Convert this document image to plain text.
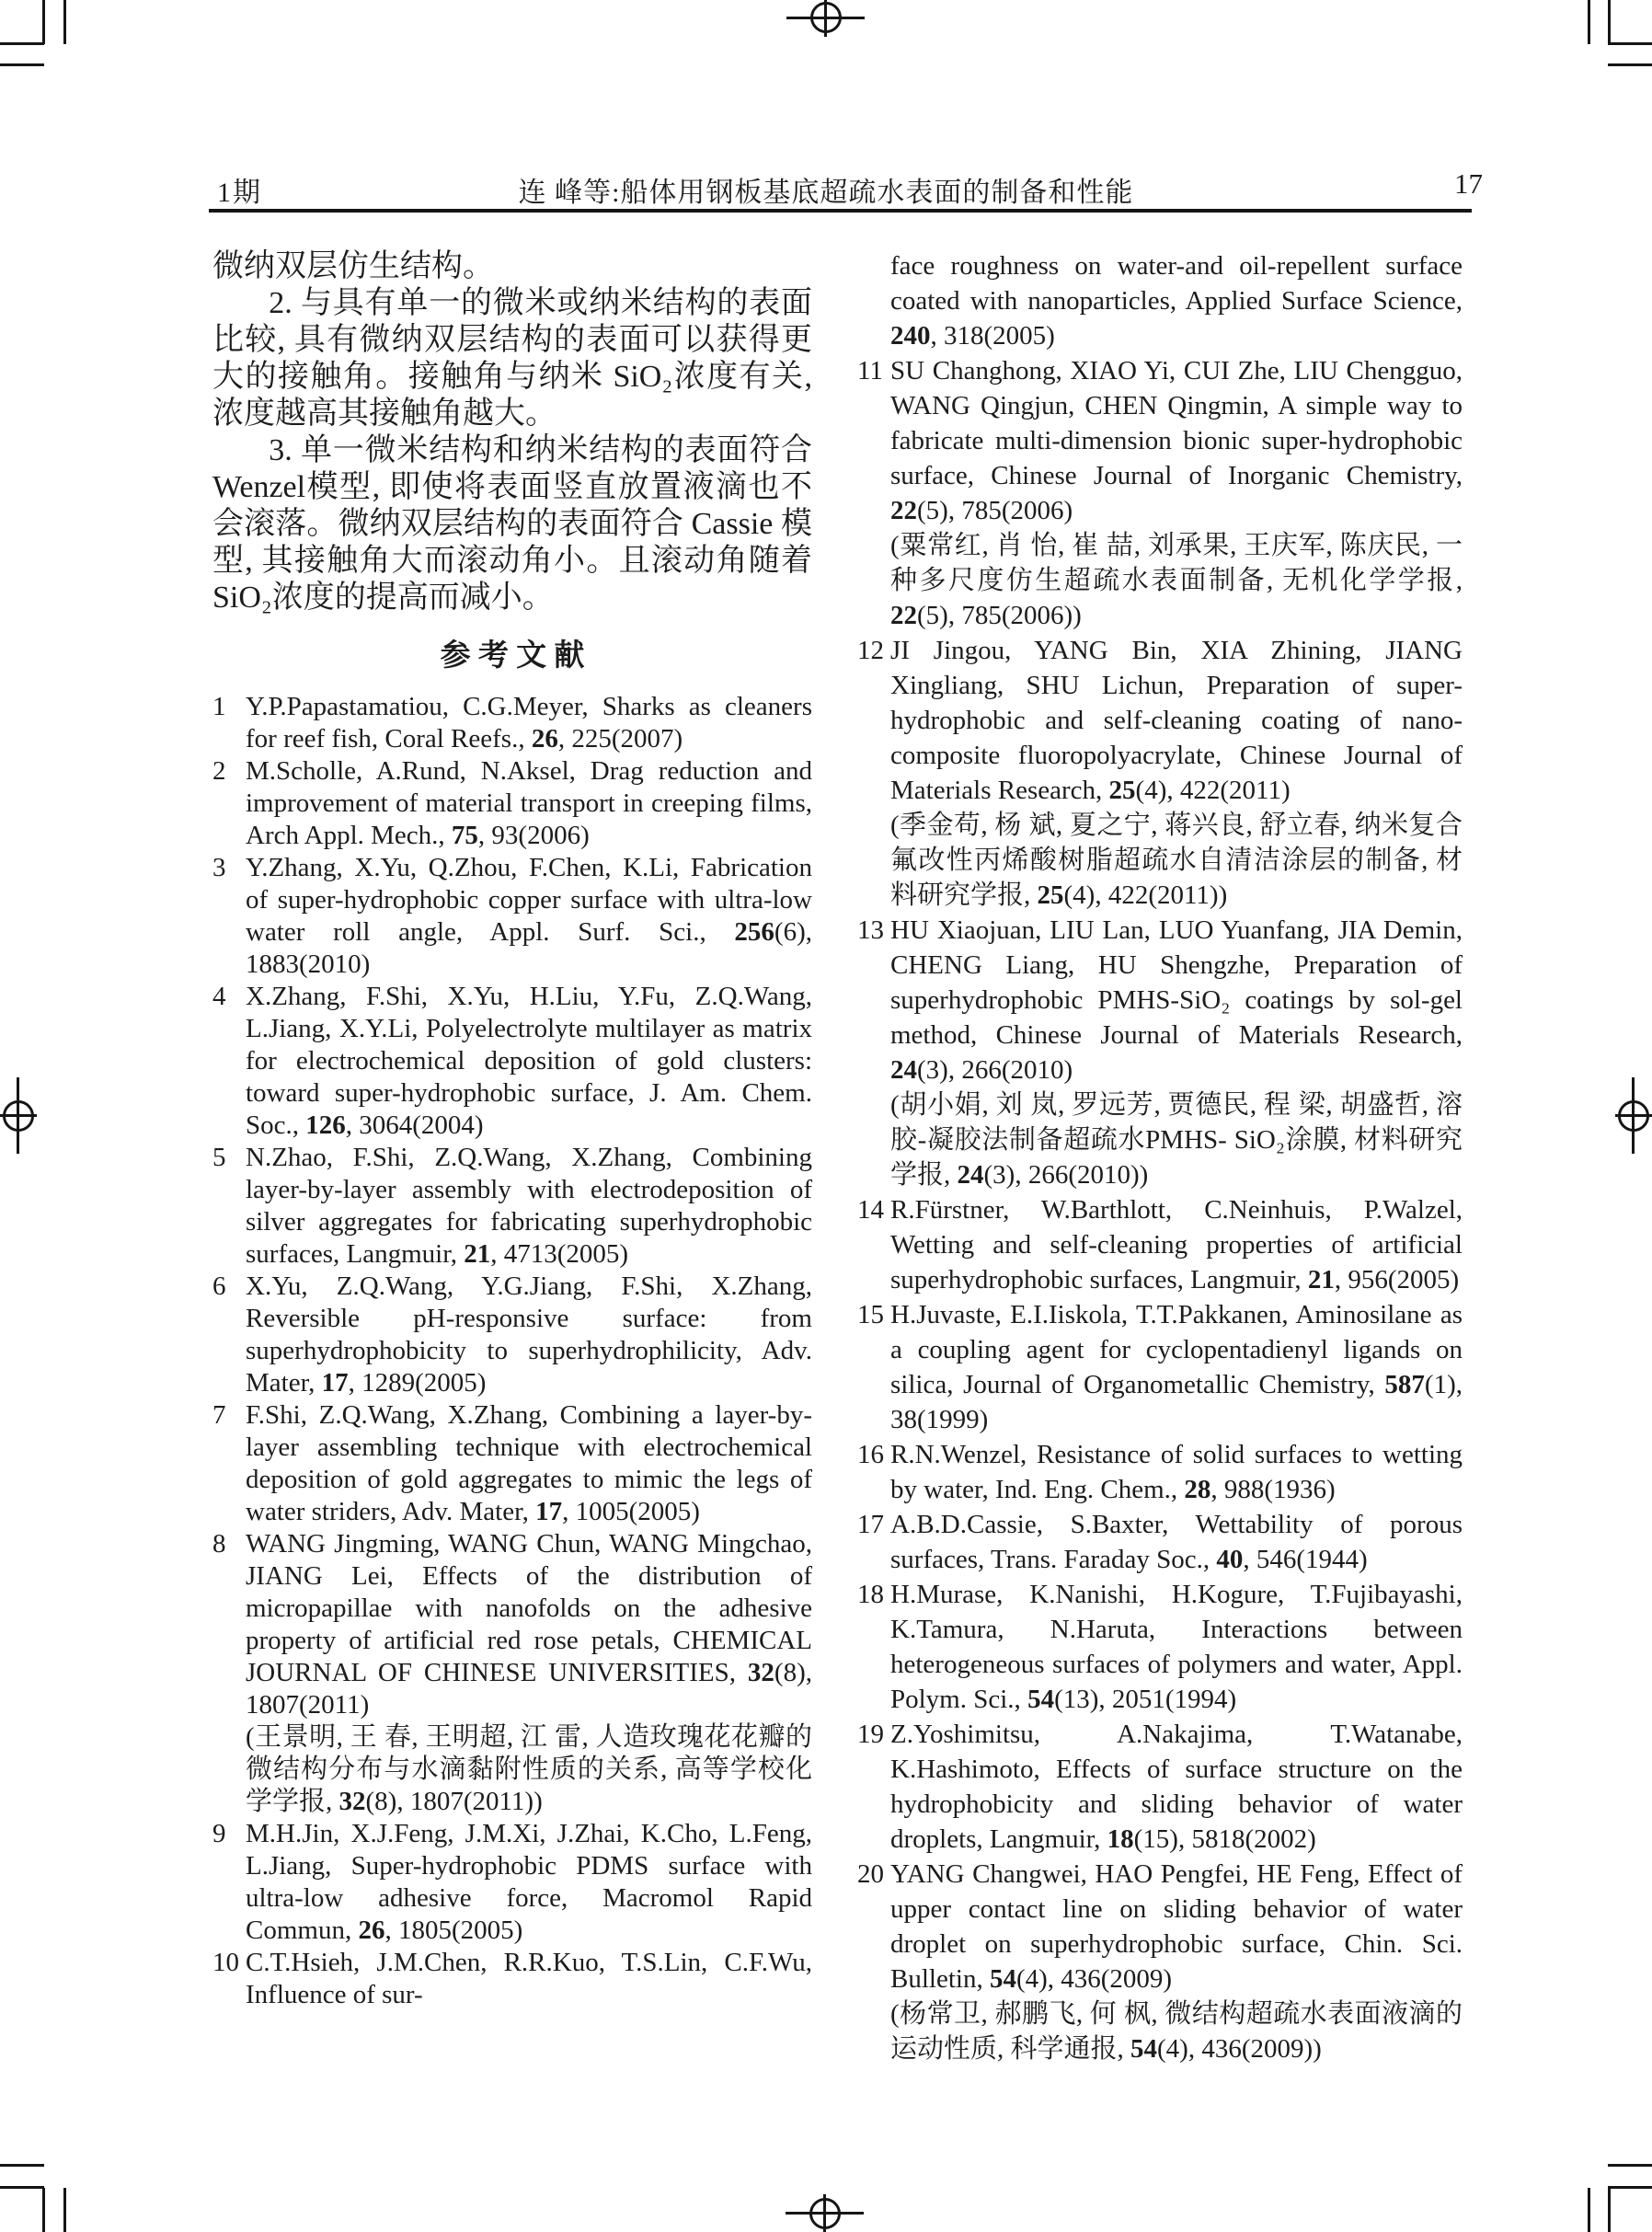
1期	连 峰等:船体用钢板基底超疏水表面的制备和性能	17

微纳双层仿生结构。

2. 与具有单一的微米或纳米结构的表面比较, 具有微纳双层结构的表面可以获得更大的接触角。接触角与纳米 SiO₂浓度有关, 浓度越高其接触角越大。

3. 单一微米结构和纳米结构的表面符合 Wenzel模型, 即使将表面竖直放置液滴也不会滚落。微纳双层结构的表面符合 Cassie 模型, 其接触角大而滚动角小。且滚动角随着SiO₂浓度的提高而减小。

参 考 文 献
1 Y.P.Papastamatiou, C.G.Meyer, Sharks as cleaners for reef fish, Coral Reefs., 26, 225(2007)
2 M.Scholle, A.Rund, N.Aksel, Drag reduction and improvement of material transport in creeping films, Arch Appl. Mech., 75, 93(2006)
3 Y.Zhang, X.Yu, Q.Zhou, F.Chen, K.Li, Fabrication of super-hydrophobic copper surface with ultra-low water roll angle, Appl. Surf. Sci., 256(6), 1883(2010)
4 X.Zhang, F.Shi, X.Yu, H.Liu, Y.Fu, Z.Q.Wang, L.Jiang, X.Y.Li, Polyelectrolyte multilayer as matrix for electrochemical deposition of gold clusters: toward super-hydrophobic surface, J. Am. Chem. Soc., 126, 3064(2004)
5 N.Zhao, F.Shi, Z.Q.Wang, X.Zhang, Combining layer-by-layer assembly with electrodeposition of silver aggregates for fabricating superhydrophobic surfaces, Langmuir, 21, 4713(2005)
6 X.Yu, Z.Q.Wang, Y.G.Jiang, F.Shi, X.Zhang, Reversible pH-responsive surface: from superhydrophobicity to superhydrophilicity, Adv. Mater, 17, 1289(2005)
7 F.Shi, Z.Q.Wang, X.Zhang, Combining a layer-by-layer assembling technique with electrochemical deposition of gold aggregates to mimic the legs of water striders, Adv. Mater, 17, 1005(2005)
8 WANG Jingming, WANG Chun, WANG Mingchao, JIANG Lei, Effects of the distribution of micropapillae with nanofolds on the adhesive property of artificial red rose petals, CHEMICAL JOURNAL OF CHINESE UNIVERSITIES, 32(8), 1807(2011)
(王景明, 王 春, 王明超, 江 雷, 人造玫瑰花花瓣的微结构分布与水滴黏附性质的关系, 高等学校化学学报, 32(8), 1807(2011))
9 M.H.Jin, X.J.Feng, J.M.Xi, J.Zhai, K.Cho, L.Feng, L.Jiang, Super-hydrophobic PDMS surface with ultra-low adhesive force, Macromol Rapid Commun, 26, 1805(2005)
10 C.T.Hsieh, J.M.Chen, R.R.Kuo, T.S.Lin, C.F.Wu, Influence of sur-
face roughness on water-and oil-repellent surface coated with nanoparticles, Applied Surface Science, 240, 318(2005)
11 SU Changhong, XIAO Yi, CUI Zhe, LIU Chengguo, WANG Qingjun, CHEN Qingmin, A simple way to fabricate multi-dimension bionic super-hydrophobic surface, Chinese Journal of Inorganic Chemistry, 22(5), 785(2006)
(粟常红, 肖 怡, 崔 喆, 刘承果, 王庆军, 陈庆民, 一种多尺度仿生超疏水表面制备, 无机化学学报, 22(5), 785(2006))
12 JI Jingou, YANG Bin, XIA Zhining, JIANG Xingliang, SHU Lichun, Preparation of super-hydrophobic and self-cleaning coating of nano-composite fluoropolyacrylate, Chinese Journal of Materials Research, 25(4), 422(2011)
(季金苟, 杨 斌, 夏之宁, 蒋兴良, 舒立春, 纳米复合氟改性丙烯酸树脂超疏水自清洁涂层的制备, 材料研究学报, 25(4), 422(2011))
13 HU Xiaojuan, LIU Lan, LUO Yuanfang, JIA Demin, CHENG Liang, HU Shengzhe, Preparation of superhydrophobic PMHS-SiO₂ coatings by sol-gel method, Chinese Journal of Materials Research, 24(3), 266(2010)
(胡小娟, 刘 岚, 罗远芳, 贾德民, 程 梁, 胡盛哲, 溶胶-凝胶法制备超疏水PMHS- SiO₂涂膜, 材料研究学报, 24(3), 266(2010))
14 R.Fürstner, W.Barthlott, C.Neinhuis, P.Walzel, Wetting and self-cleaning properties of artificial superhydrophobic surfaces, Langmuir, 21, 956(2005)
15 H.Juvaste, E.I.Iiskola, T.T.Pakkanen, Aminosilane as a coupling agent for cyclopentadienyl ligands on silica, Journal of Organometallic Chemistry, 587(1), 38(1999)
16 R.N.Wenzel, Resistance of solid surfaces to wetting by water, Ind. Eng. Chem., 28, 988(1936)
17 A.B.D.Cassie, S.Baxter, Wettability of porous surfaces, Trans. Faraday Soc., 40, 546(1944)
18 H.Murase, K.Nanishi, H.Kogure, T.Fujibayashi, K.Tamura, N.Haruta, Interactions between heterogeneous surfaces of polymers and water, Appl. Polym. Sci., 54(13), 2051(1994)
19 Z.Yoshimitsu, A.Nakajima, T.Watanabe, K.Hashimoto, Effects of surface structure on the hydrophobicity and sliding behavior of water droplets, Langmuir, 18(15), 5818(2002)
20 YANG Changwei, HAO Pengfei, HE Feng, Effect of upper contact line on sliding behavior of water droplet on superhydrophobic surface, Chin. Sci. Bulletin, 54(4), 436(2009)
(杨常卫, 郝鹏飞, 何 枫, 微结构超疏水表面液滴的运动性质, 科学通报, 54(4), 436(2009))
